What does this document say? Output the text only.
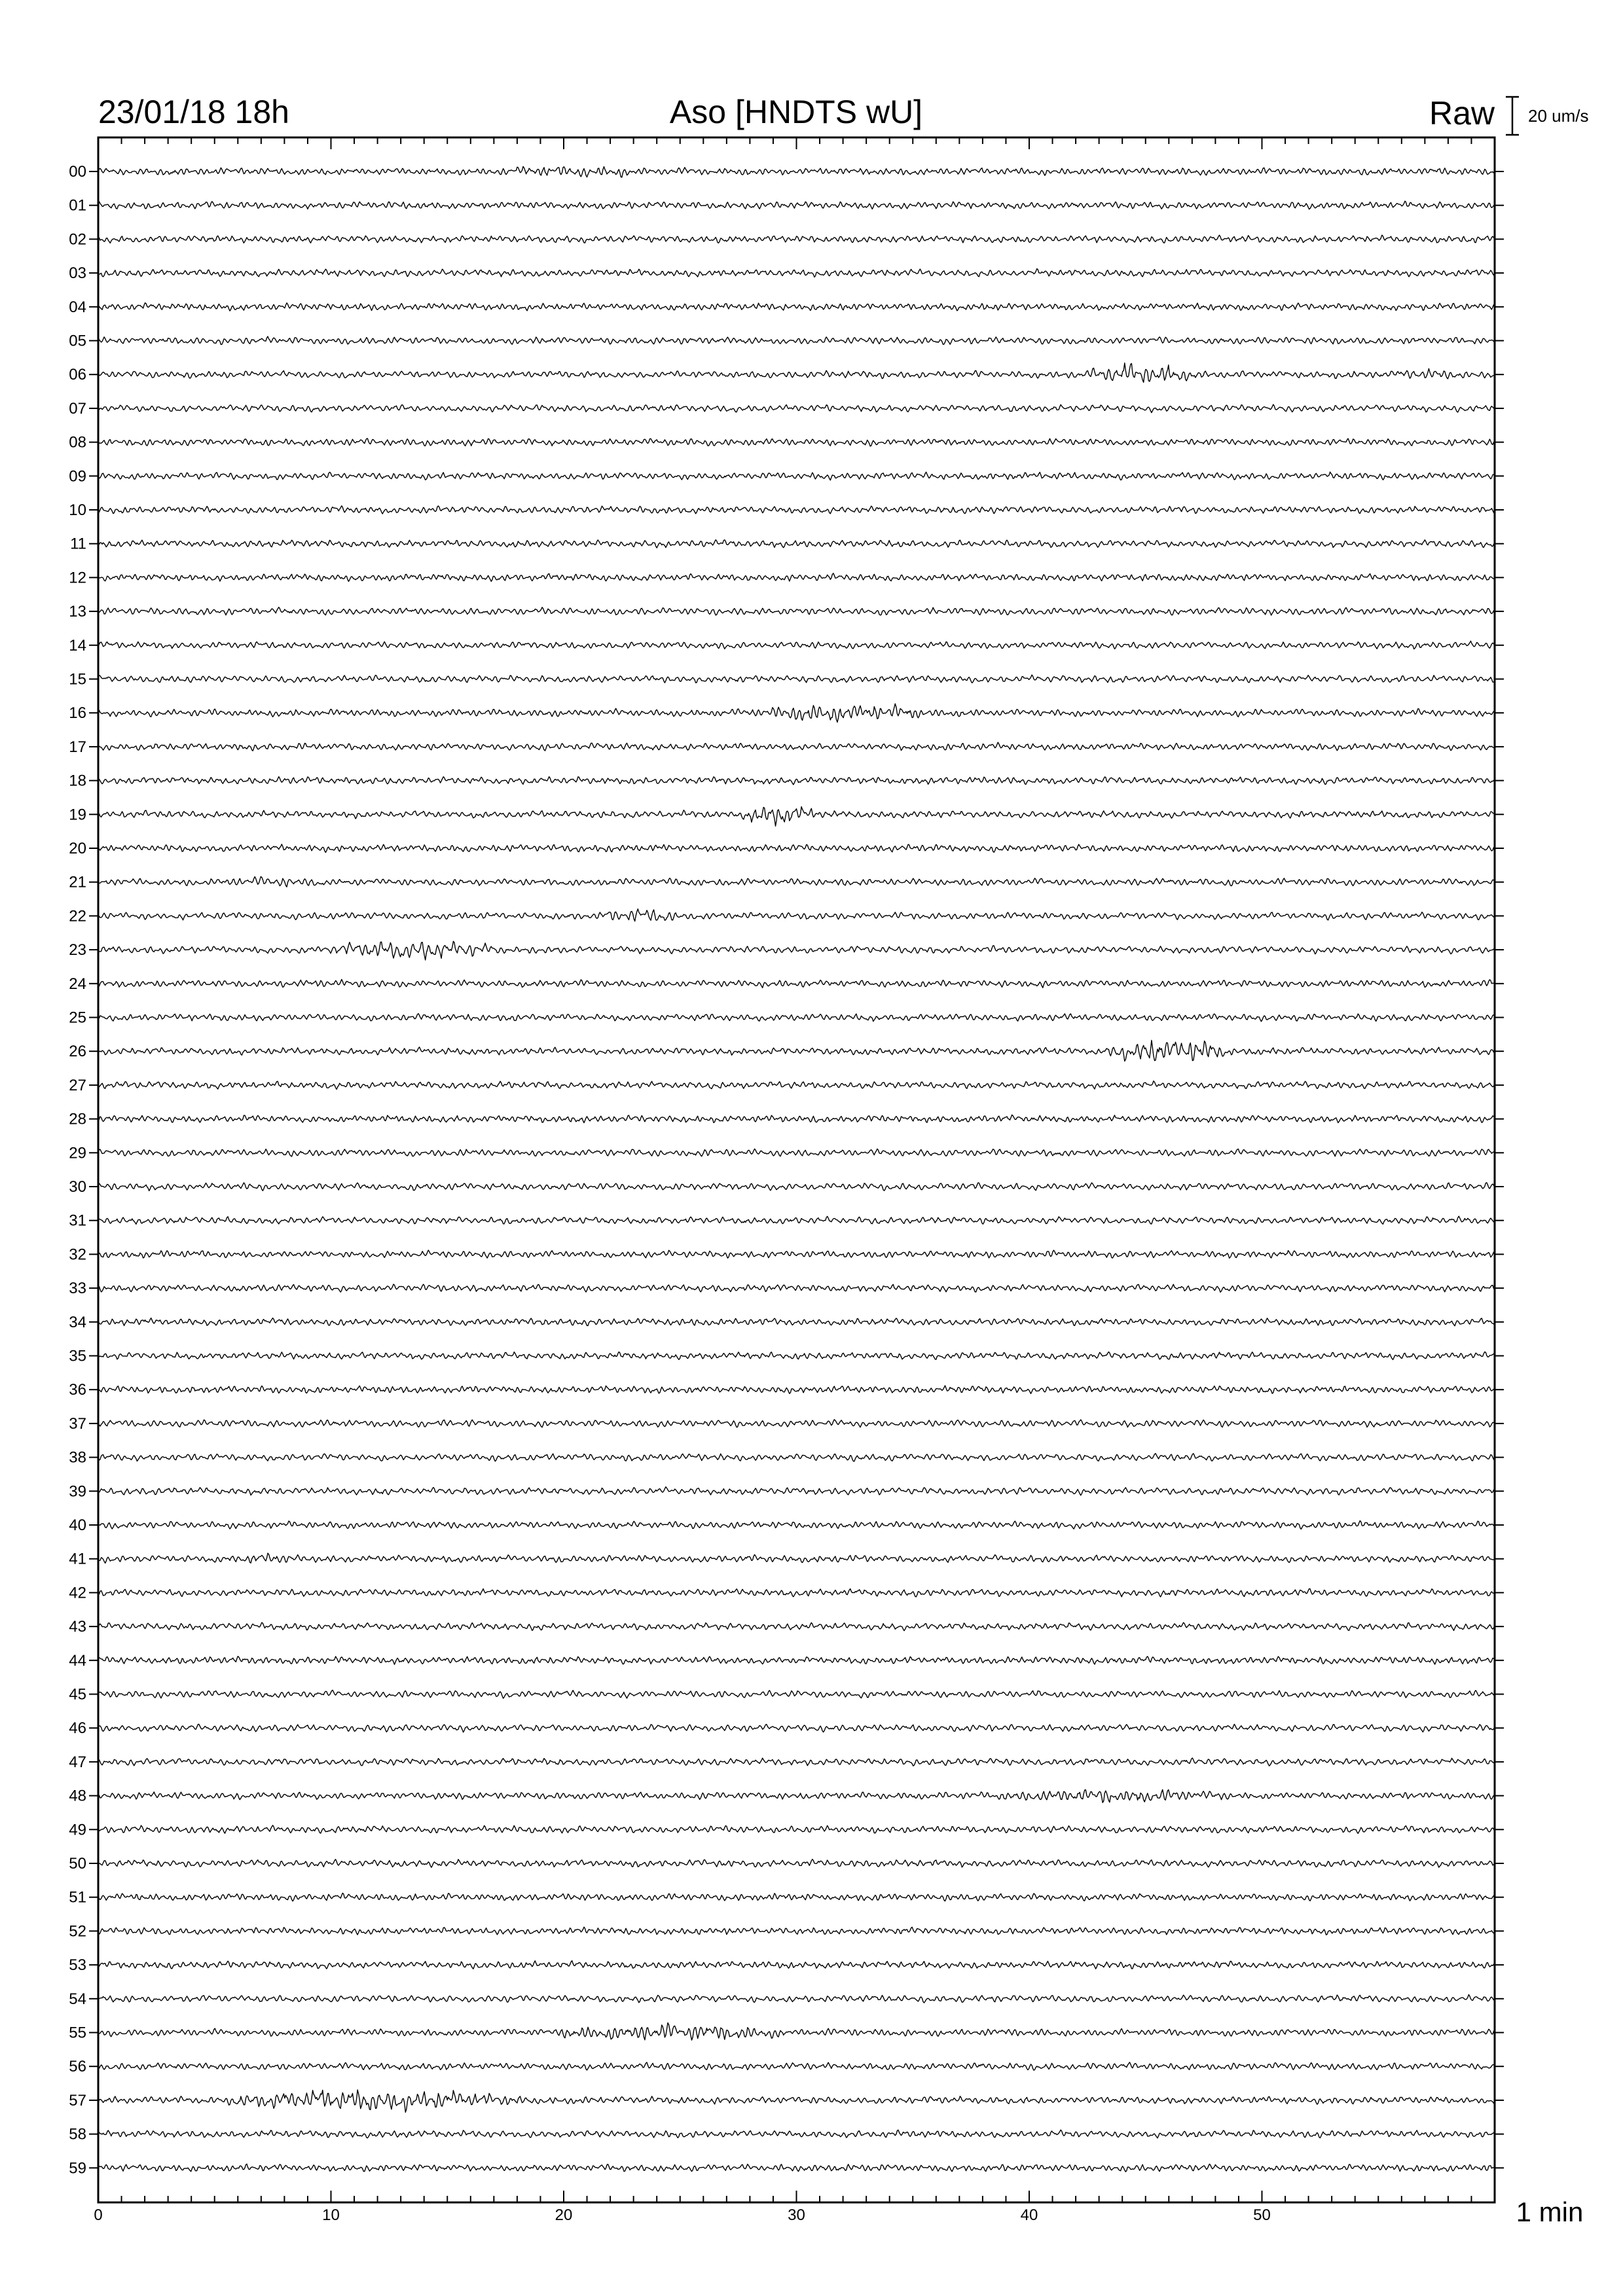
23/01/18 18h	Aso [HNDTS wU]	Raw 20 um/s
00
01
02
03
04
05
06
07
08
09
10
11
12
13
14
15
16
17
18
19
20
21
22
23
24
25
26
27
28
29
30
31
32
33
34
35
36
37
38
39
40
41
42
43
44
45
46
47
48
49
50
51
52
53
54
55
56
57
58
59
0	10	20	30	40	50	1 min
